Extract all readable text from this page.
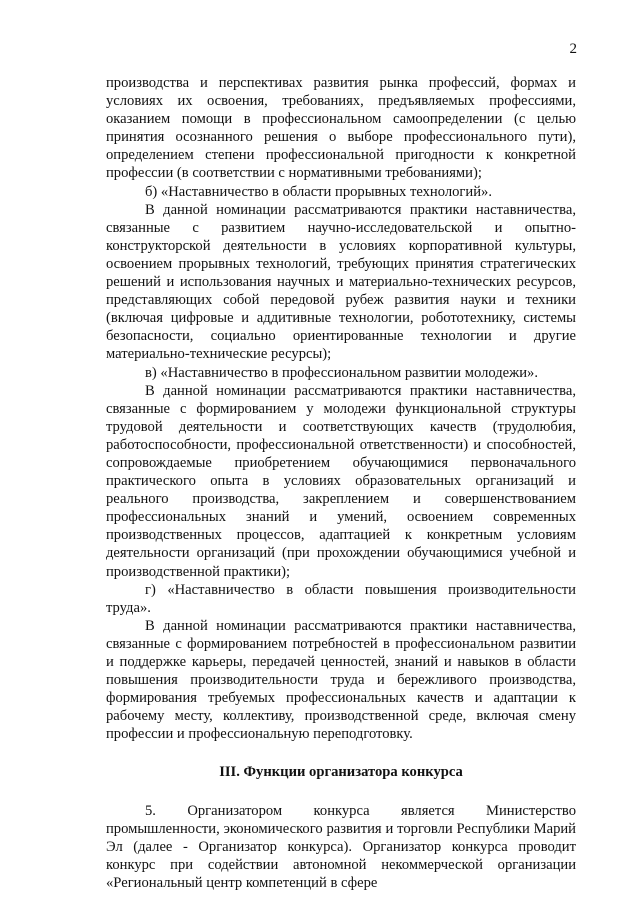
2

производства и перспективах развития рынка профессий, формах и условиях их освоения, требованиях, предъявляемых профессиями, оказанием помощи в профессиональном самоопределении (с целью принятия осознанного решения о выборе профессионального пути), определением степени профессиональной пригодности к конкретной профессии (в соответствии с нормативными требованиями);

б) «Наставничество в области прорывных технологий».

В данной номинации рассматриваются практики наставничества, связанные с развитием научно-исследовательской и опытно-конструкторской деятельности в условиях корпоративной культуры, освоением прорывных технологий, требующих принятия стратегических решений и использования научных и материально-технических ресурсов, представляющих собой передовой рубеж развития науки и техники (включая цифровые и аддитивные технологии, робототехнику, системы безопасности, социально ориентированные технологии и другие материально-технические ресурсы);

в) «Наставничество в профессиональном развитии молодежи».

В данной номинации рассматриваются практики наставничества, связанные с формированием у молодежи функциональной структуры трудовой деятельности и соответствующих качеств (трудолюбия, работоспособности, профессиональной ответственности) и способностей, сопровождаемые приобретением обучающимися первоначального практического опыта в условиях образовательных организаций и реального производства, закреплением и совершенствованием профессиональных знаний и умений, освоением современных производственных процессов, адаптацией к конкретным условиям деятельности организаций (при прохождении обучающимися учебной и производственной практики);

г) «Наставничество в области повышения производительности труда».

В данной номинации рассматриваются практики наставничества, связанные с формированием потребностей в профессиональном развитии и поддержке карьеры, передачей ценностей, знаний и навыков в области повышения производительности труда и бережливого производства, формирования требуемых профессиональных качеств и адаптации к рабочему месту, коллективу, производственной среде, включая смену профессии и профессиональную переподготовку.

III. Функции организатора конкурса

5. Организатором конкурса является Министерство промышленности, экономического развития и торговли Республики Марий Эл (далее - Организатор конкурса). Организатор конкурса проводит конкурс при содействии автономной некоммерческой организации «Региональный центр компетенций в сфере
